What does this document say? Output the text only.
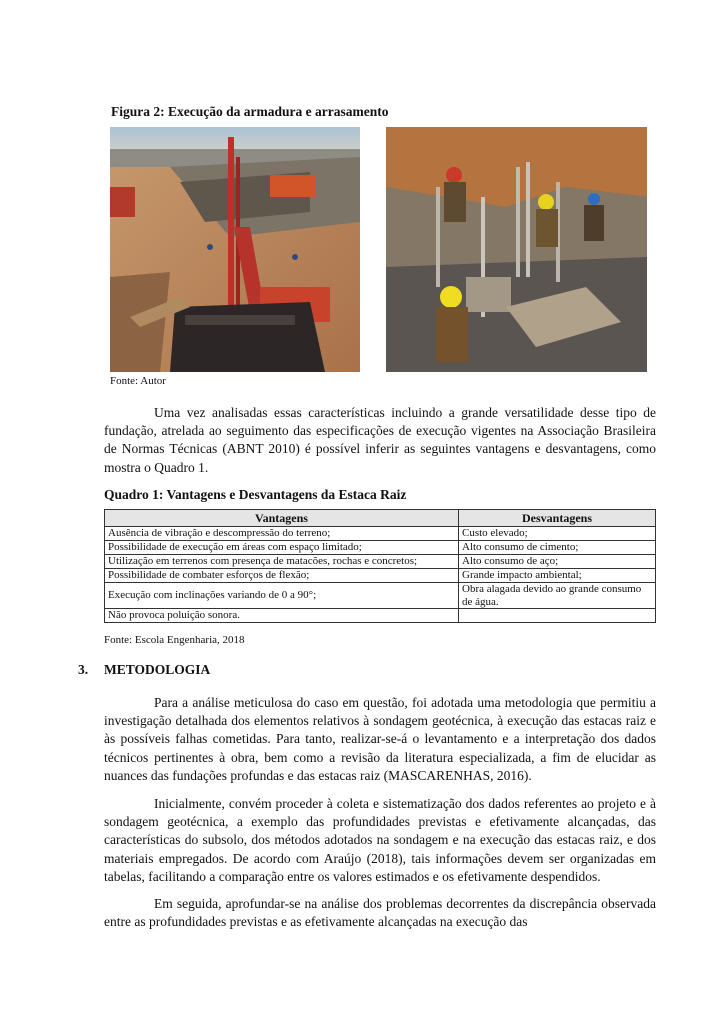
Figura 2: Execução da armadura e arrasamento
Fonte: Autor

Uma vez analisadas essas características incluindo a grande versatilidade desse tipo de fundação, atrelada ao seguimento das especificações de execução vigentes na Associação Brasileira de Normas Técnicas (ABNT 2010) é possível inferir as seguintes vantagens e desvantagens, como mostra o Quadro 1.

Quadro 1: Vantagens e Desvantagens da Estaca Raiz
Vantagens	Desvantagens
Ausência de vibração e descompressão do terreno;	Custo elevado;
Possibilidade de execução em áreas com espaço limitado;	Alto consumo de cimento;
Utilização em terrenos com presença de matacões, rochas e concretos;	Alto consumo de aço;
Possibilidade de combater esforços de flexão;	Grande impacto ambiental;
Execução com inclinações variando de 0 a 90°;	Obra alagada devido ao grande consumo de água.
Não provoca poluição sonora.	
Fonte: Escola Engenharia, 2018
3. METODOLOGIA

Para a análise meticulosa do caso em questão, foi adotada uma metodologia que permitiu a investigação detalhada dos elementos relativos à sondagem geotécnica, à execução das estacas raiz e às possíveis falhas cometidas. Para tanto, realizar-se-á o levantamento e a interpretação dos dados técnicos pertinentes à obra, bem como a revisão da literatura especializada, a fim de elucidar as nuances das fundações profundas e das estacas raiz (MASCARENHAS, 2016).

Inicialmente, convém proceder à coleta e sistematização dos dados referentes ao projeto e à sondagem geotécnica, a exemplo das profundidades previstas e efetivamente alcançadas, das características do subsolo, dos métodos adotados na sondagem e na execução das estacas raiz, e dos materiais empregados. De acordo com Araújo (2018), tais informações devem ser organizadas em tabelas, facilitando a comparação entre os valores estimados e os efetivamente despendidos.

Em seguida, aprofundar-se na análise dos problemas decorrentes da discrepância observada entre as profundidades previstas e as efetivamente alcançadas na execução das
